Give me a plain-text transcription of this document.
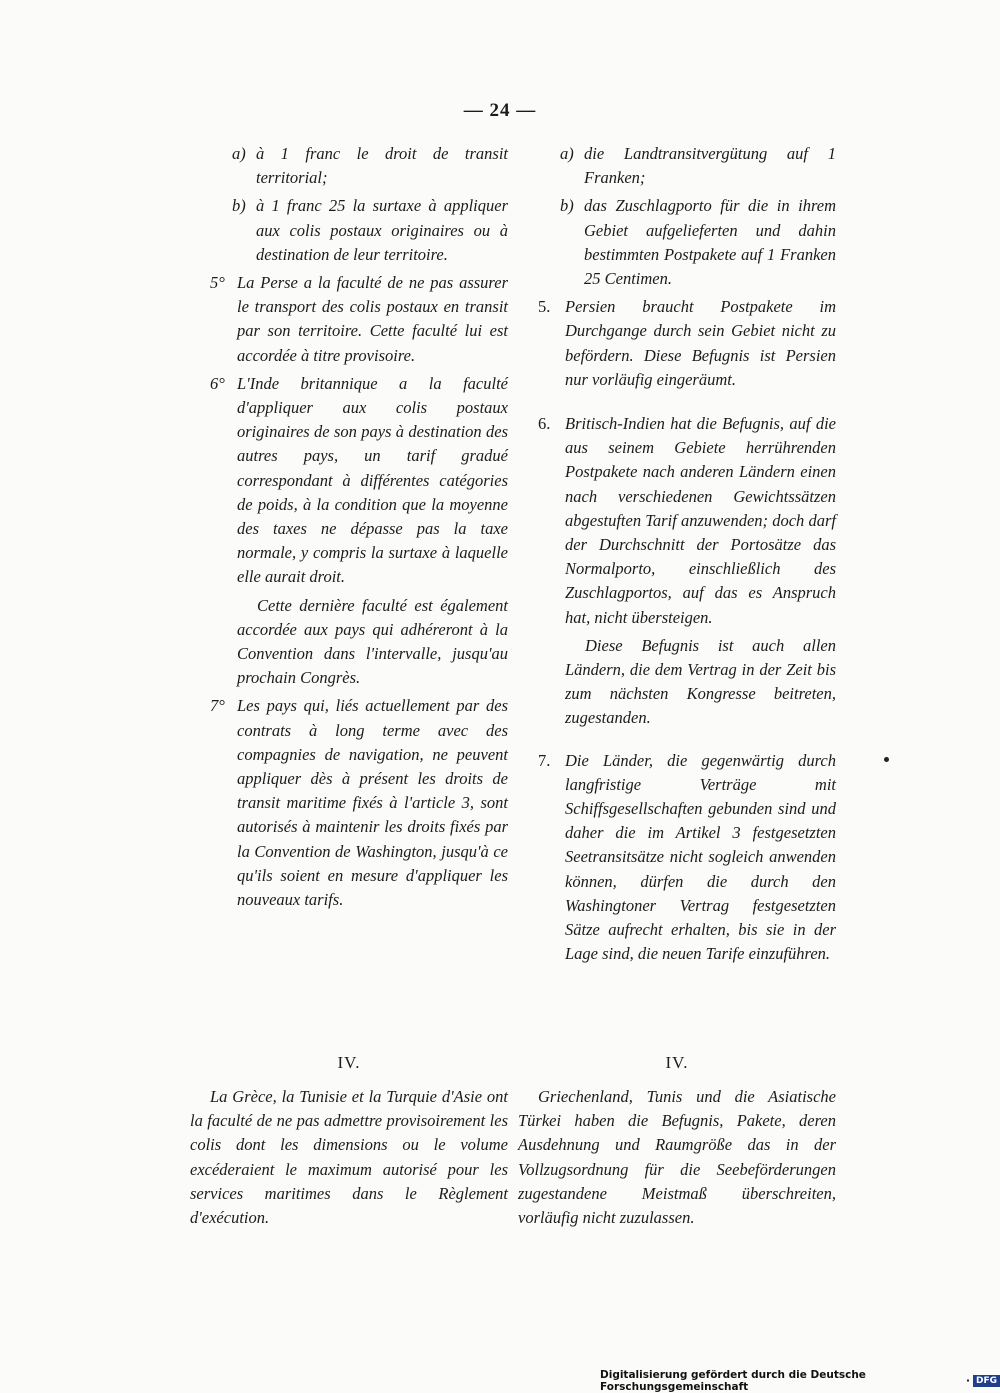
— 24 —

a) à 1 franc le droit de transit territorial;

b) à 1 franc 25 la surtaxe à appliquer aux colis postaux originaires ou à destination de leur territoire.

5° La Perse a la faculté de ne pas assurer le transport des colis postaux en transit par son territoire. Cette faculté lui est accordée à titre provisoire.

6° L'Inde britannique a la faculté d'appliquer aux colis postaux originaires de son pays à destination des autres pays, un tarif gradué correspondant à différentes catégories de poids, à la condition que la moyenne des taxes ne dépasse pas la taxe normale, y compris la surtaxe à laquelle elle aurait droit.

Cette dernière faculté est également accordée aux pays qui adhéreront à la Convention dans l'intervalle, jusqu'au prochain Congrès.

7° Les pays qui, liés actuellement par des contrats à long terme avec des compagnies de navigation, ne peuvent appliquer dès à présent les droits de transit maritime fixés à l'article 3, sont autorisés à maintenir les droits fixés par la Convention de Washington, jusqu'à ce qu'ils soient en mesure d'appliquer les nouveaux tarifs.

a) die Landtransitvergütung auf 1 Franken;

b) das Zuschlagporto für die in ihrem Gebiet aufgelieferten und dahin bestimmten Postpakete auf 1 Franken 25 Centimen.

5. Persien braucht Postpakete im Durchgange durch sein Gebiet nicht zu befördern. Diese Befugnis ist Persien nur vorläufig eingeräumt.

6. Britisch-Indien hat die Befugnis, auf die aus seinem Gebiete herrührenden Postpakete nach anderen Ländern einen nach verschiedenen Gewichtssätzen abgestuften Tarif anzuwenden; doch darf der Durchschnitt der Portosätze das Normalporto, einschließlich des Zuschlagportos, auf das es Anspruch hat, nicht übersteigen.

Diese Befugnis ist auch allen Ländern, die dem Vertrag in der Zeit bis zum nächsten Kongresse beitreten, zugestanden.

7. Die Länder, die gegenwärtig durch langfristige Verträge mit Schiffsgesellschaften gebunden sind und daher die im Artikel 3 festgesetzten Seetransitsätze nicht sogleich anwenden können, dürfen die durch den Washingtoner Vertrag festgesetzten Sätze aufrecht erhalten, bis sie in der Lage sind, die neuen Tarife einzuführen.

IV.	IV.

La Grèce, la Tunisie et la Turquie d'Asie ont la faculté de ne pas admettre provisoirement les colis dont les dimensions ou le volume excéderaient le maximum autorisé pour les services maritimes dans le Règlement d'exécution.

Griechenland, Tunis und die Asiatische Türkei haben die Befugnis, Pakete, deren Ausdehnung und Raumgröße das in der Vollzugsordnung für die Seebeförderungen zugestandene Meistmaß überschreiten, vorläufig nicht zuzulassen.

Digitalisierung gefördert durch die Deutsche Forschungsgemeinschaft	· DFG
